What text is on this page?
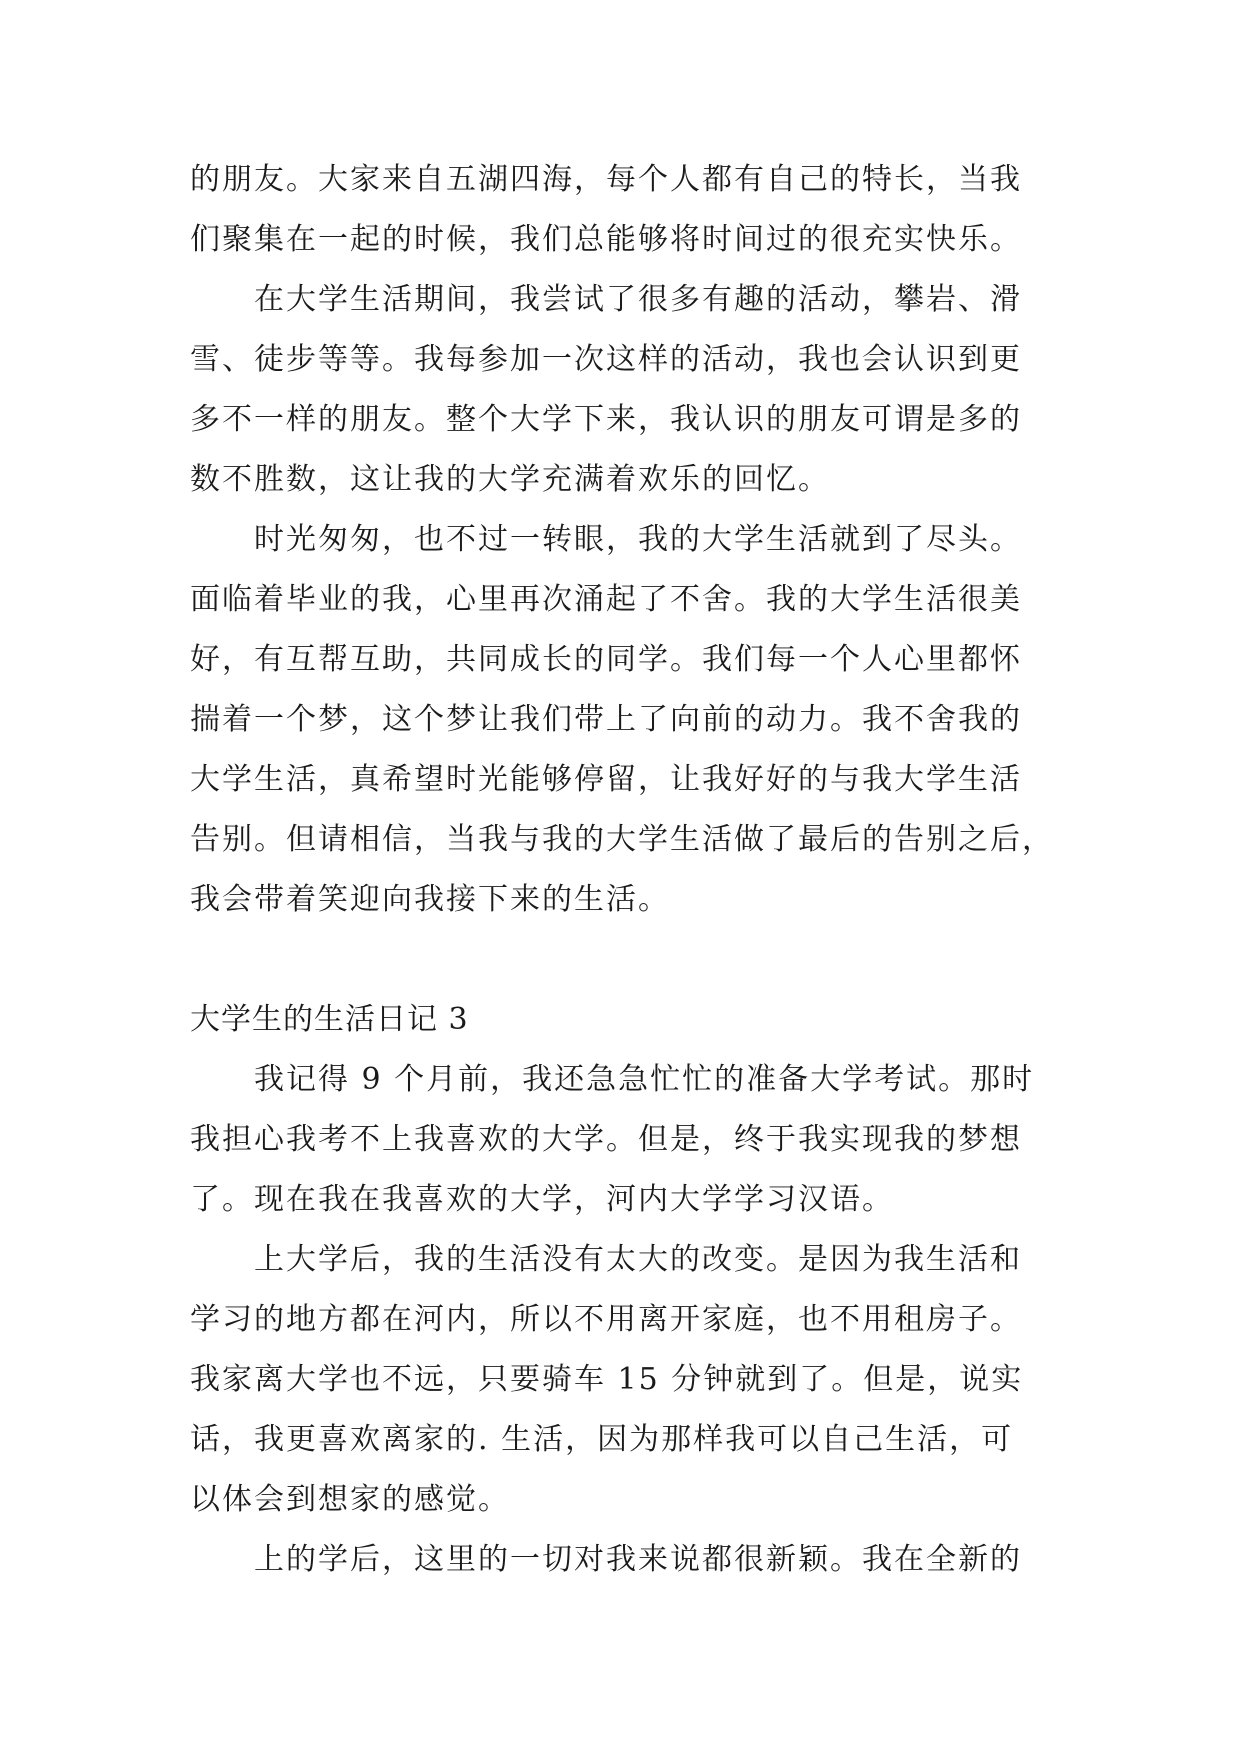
的朋友。大家来自五湖四海，每个人都有自己的特长，当我
们聚集在一起的时候，我们总能够将时间过的很充实快乐。
在大学生活期间，我尝试了很多有趣的活动，攀岩、滑
雪、徒步等等。我每参加一次这样的活动，我也会认识到更
多不一样的朋友。整个大学下来，我认识的朋友可谓是多的
数不胜数，这让我的大学充满着欢乐的回忆。
时光匆匆，也不过一转眼，我的大学生活就到了尽头。
面临着毕业的我，心里再次涌起了不舍。我的大学生活很美
好，有互帮互助，共同成长的同学。我们每一个人心里都怀
揣着一个梦，这个梦让我们带上了向前的动力。我不舍我的
大学生活，真希望时光能够停留，让我好好的与我大学生活
告别。但请相信，当我与我的大学生活做了最后的告别之后，
我会带着笑迎向我接下来的生活。
大学生的生活日记 3
我记得 9 个月前，我还急急忙忙的准备大学考试。那时
我担心我考不上我喜欢的大学。但是，终于我实现我的梦想
了。现在我在我喜欢的大学，河内大学学习汉语。
上大学后，我的生活没有太大的改变。是因为我生活和
学习的地方都在河内，所以不用离开家庭，也不用租房子。
我家离大学也不远，只要骑车 15 分钟就到了。但是，说实
话，我更喜欢离家的. 生活，因为那样我可以自己生活，可
以体会到想家的感觉。
上的学后，这里的一切对我来说都很新颖。我在全新的
